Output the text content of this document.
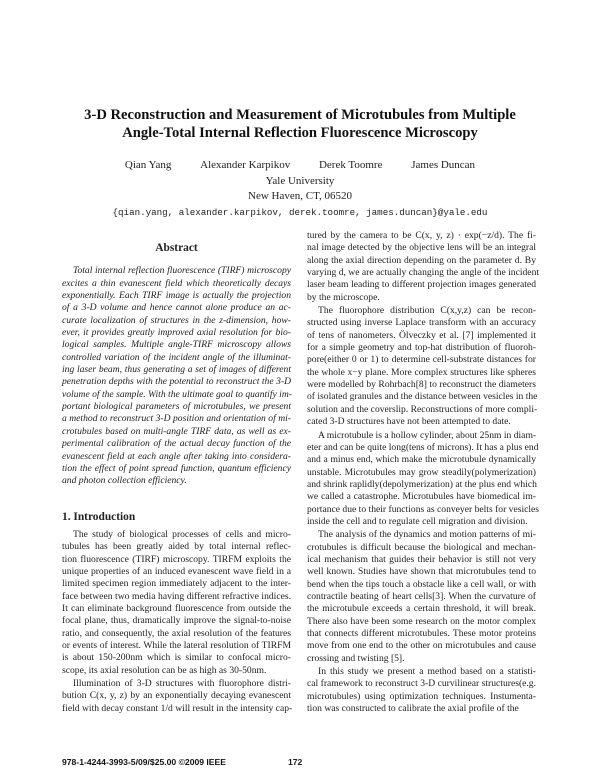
3-D Reconstruction and Measurement of Microtubules from Multiple
Angle-Total Internal Reflection Fluorescence Microscopy
Qian Yang	Alexander Karpikov	Derek Toomre	James Duncan
Yale University
New Haven, CT, 06520
{qian.yang, alexander.karpikov, derek.toomre, james.duncan}@yale.edu
Abstract
Total internal reflection fluorescence (TIRF) microscopy
excites a thin evanescent field which theoretically decays
exponentially. Each TIRF image is actually the projection
of a 3-D volume and hence cannot alone produce an ac-
curate localization of structures in the z-dimension, how-
ever, it provides greatly improved axial resolution for bio-
logical samples. Multiple angle-TIRF microscopy allows
controlled variation of the incident angle of the illuminat-
ing laser beam, thus generating a set of images of different
penetration depths with the potential to reconstruct the 3-D
volume of the sample. With the ultimate goal to quantify im-
portant biological parameters of microtubules, we present
a method to reconstruct 3-D position and orientation of mi-
crotubules based on multi-angle TIRF data, as well as ex-
perimental calibration of the actual decay function of the
evanescent field at each angle after taking into considera-
tion the effect of point spread function, quantum efficiency
and photon collection efficiency.
1. Introduction
The study of biological processes of cells and micro-
tubules has been greatly aided by total internal reflec-
tion fluorescence (TIRF) microscopy. TIRFM exploits the
unique properties of an induced evanescent wave field in a
limited specimen region immediately adjacent to the inter-
face between two media having different refractive indices.
It can eliminate background fluorescence from outside the
focal plane, thus, dramatically improve the signal-to-noise
ratio, and consequently, the axial resolution of the features
or events of interest. While the lateral resolution of TIRFM
is about 150-200nm which is similar to confocal micro-
scope, its axial resolution can be as high as 30-50nm.
Illumination of 3-D structures with fluorophore distri-
bution C(x, y, z) by an exponentially decaying evanescent
field with decay constant 1/d will result in the intensity cap-
tured by the camera to be C(x, y, z) · exp(−z/d). The fi-
nal image detected by the objective lens will be an integral
along the axial direction depending on the parameter d. By
varying d, we are actually changing the angle of the incident
laser beam leading to different projection images generated
by the microscope.
The fluorophore distribution C(x,y,z) can be recon-
structed using inverse Laplace transform with an accuracy
of tens of nanometers. Ölveczky et al. [7] implemented it
for a simple geometry and top-hat distribution of fluoroh-
pore(either 0 or 1) to determine cell-substrate distances for
the whole x−y plane. More complex structures like spheres
were modelled by Rohrbach[8] to reconstruct the diameters
of isolated granules and the distance between vesicles in the
solution and the coverslip. Reconstructions of more compli-
cated 3-D structures have not been attempted to date.
A microtubule is a hollow cylinder, about 25nm in diam-
eter and can be quite long(tens of microns). It has a plus end
and a minus end, which make the microtubule dynamically
unstable. Microtubules may grow steadily(polymerization)
and shrink raplidly(depolymerization) at the plus end which
we called a catastrophe. Microtubules have biomedical im-
portance due to their functions as conveyer belts for vesicles
inside the cell and to regulate cell migration and division.
The analysis of the dynamics and motion patterns of mi-
crotubules is difficult because the biological and mechan-
ical mechanism that guides their behavior is still not very
well known. Studies have shown that microtubules tend to
bend when the tips touch a obstacle like a cell wall, or with
contractile beating of heart cells[3]. When the curvature of
the microtubule exceeds a certain threshold, it will break.
There also have been some research on the motor complex
that connects different microtubules. These motor proteins
move from one end to the other on microtubules and cause
crossing and twisting [5].
In this study we present a method based on a statisti-
cal framework to reconstruct 3-D curvilinear structures(e.g.
microtubules) using optimization techniques. Instumenta-
tion was constructed to calibrate the axial profile of the
978-1-4244-3993-5/09/$25.00 ©2009 IEEE	172
